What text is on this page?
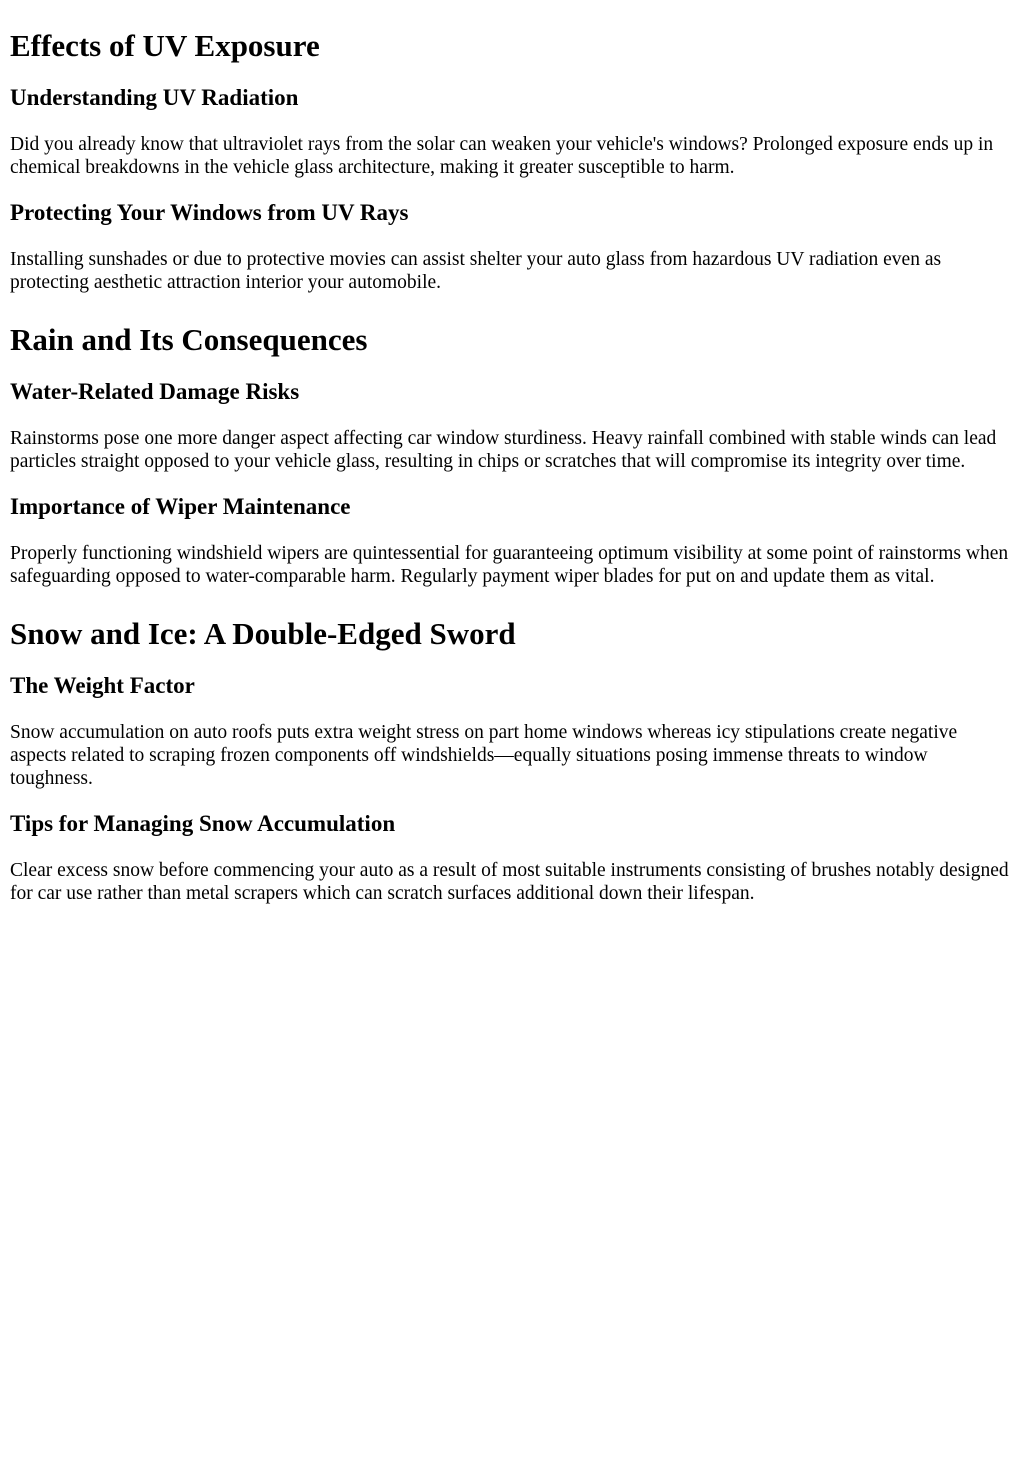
Effects of UV Exposure
Understanding UV Radiation

Did you already know that ultraviolet rays from the solar can weaken your vehicle's windows? Prolonged exposure ends up in chemical breakdowns in the vehicle glass architecture, making it greater susceptible to harm.

Protecting Your Windows from UV Rays

Installing sunshades or due to protective movies can assist shelter your auto glass from hazardous UV radiation even as protecting aesthetic attraction interior your automobile.

Rain and Its Consequences
Water-Related Damage Risks

Rainstorms pose one more danger aspect affecting car window sturdiness. Heavy rainfall combined with stable winds can lead particles straight opposed to your vehicle glass, resulting in chips or scratches that will compromise its integrity over time.

Importance of Wiper Maintenance

Properly functioning windshield wipers are quintessential for guaranteeing optimum visibility at some point of rainstorms when safeguarding opposed to water-comparable harm. Regularly payment wiper blades for put on and update them as vital.

Snow and Ice: A Double-Edged Sword
The Weight Factor

Snow accumulation on auto roofs puts extra weight stress on part home windows whereas icy stipulations create negative aspects related to scraping frozen components off windshields—equally situations posing immense threats to window toughness.

Tips for Managing Snow Accumulation

Clear excess snow before commencing your auto as a result of most suitable instruments consisting of brushes notably designed for car use rather than metal scrapers which can scratch surfaces additional down their lifespan.
